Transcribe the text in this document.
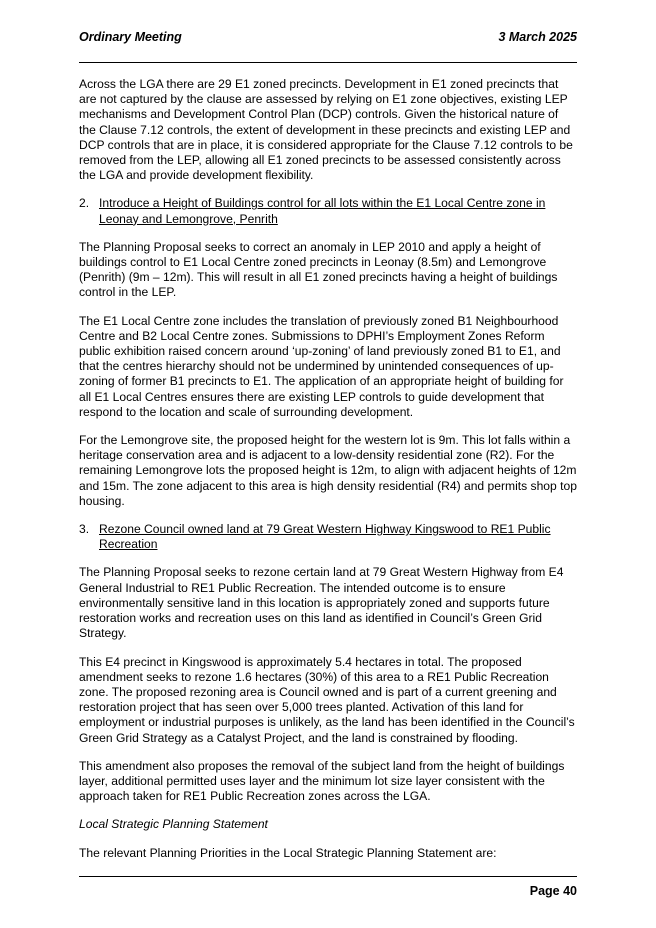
Ordinary Meeting	3 March 2025

Across the LGA there are 29 E1 zoned precincts. Development in E1 zoned precincts that are not captured by the clause are assessed by relying on E1 zone objectives, existing LEP mechanisms and Development Control Plan (DCP) controls. Given the historical nature of the Clause 7.12 controls, the extent of development in these precincts and existing LEP and DCP controls that are in place, it is considered appropriate for the Clause 7.12 controls to be removed from the LEP, allowing all E1 zoned precincts to be assessed consistently across the LGA and provide development flexibility.

2. Introduce a Height of Buildings control for all lots within the E1 Local Centre zone in Leonay and Lemongrove, Penrith

The Planning Proposal seeks to correct an anomaly in LEP 2010 and apply a height of buildings control to E1 Local Centre zoned precincts in Leonay (8.5m) and Lemongrove (Penrith) (9m – 12m). This will result in all E1 zoned precincts having a height of buildings control in the LEP.

The E1 Local Centre zone includes the translation of previously zoned B1 Neighbourhood Centre and B2 Local Centre zones. Submissions to DPHI’s Employment Zones Reform public exhibition raised concern around ‘up-zoning’ of land previously zoned B1 to E1, and that the centres hierarchy should not be undermined by unintended consequences of up-zoning of former B1 precincts to E1. The application of an appropriate height of building for all E1 Local Centres ensures there are existing LEP controls to guide development that respond to the location and scale of surrounding development.

For the Lemongrove site, the proposed height for the western lot is 9m. This lot falls within a heritage conservation area and is adjacent to a low-density residential zone (R2). For the remaining Lemongrove lots the proposed height is 12m, to align with adjacent heights of 12m and 15m. The zone adjacent to this area is high density residential (R4) and permits shop top housing.

3. Rezone Council owned land at 79 Great Western Highway Kingswood to RE1 Public Recreation

The Planning Proposal seeks to rezone certain land at 79 Great Western Highway from E4 General Industrial to RE1 Public Recreation. The intended outcome is to ensure environmentally sensitive land in this location is appropriately zoned and supports future restoration works and recreation uses on this land as identified in Council’s Green Grid Strategy.

This E4 precinct in Kingswood is approximately 5.4 hectares in total. The proposed amendment seeks to rezone 1.6 hectares (30%) of this area to a RE1 Public Recreation zone. The proposed rezoning area is Council owned and is part of a current greening and restoration project that has seen over 5,000 trees planted. Activation of this land for employment or industrial purposes is unlikely, as the land has been identified in the Council’s Green Grid Strategy as a Catalyst Project, and the land is constrained by flooding.

This amendment also proposes the removal of the subject land from the height of buildings layer, additional permitted uses layer and the minimum lot size layer consistent with the approach taken for RE1 Public Recreation zones across the LGA.

Local Strategic Planning Statement

The relevant Planning Priorities in the Local Strategic Planning Statement are:

Page 40
